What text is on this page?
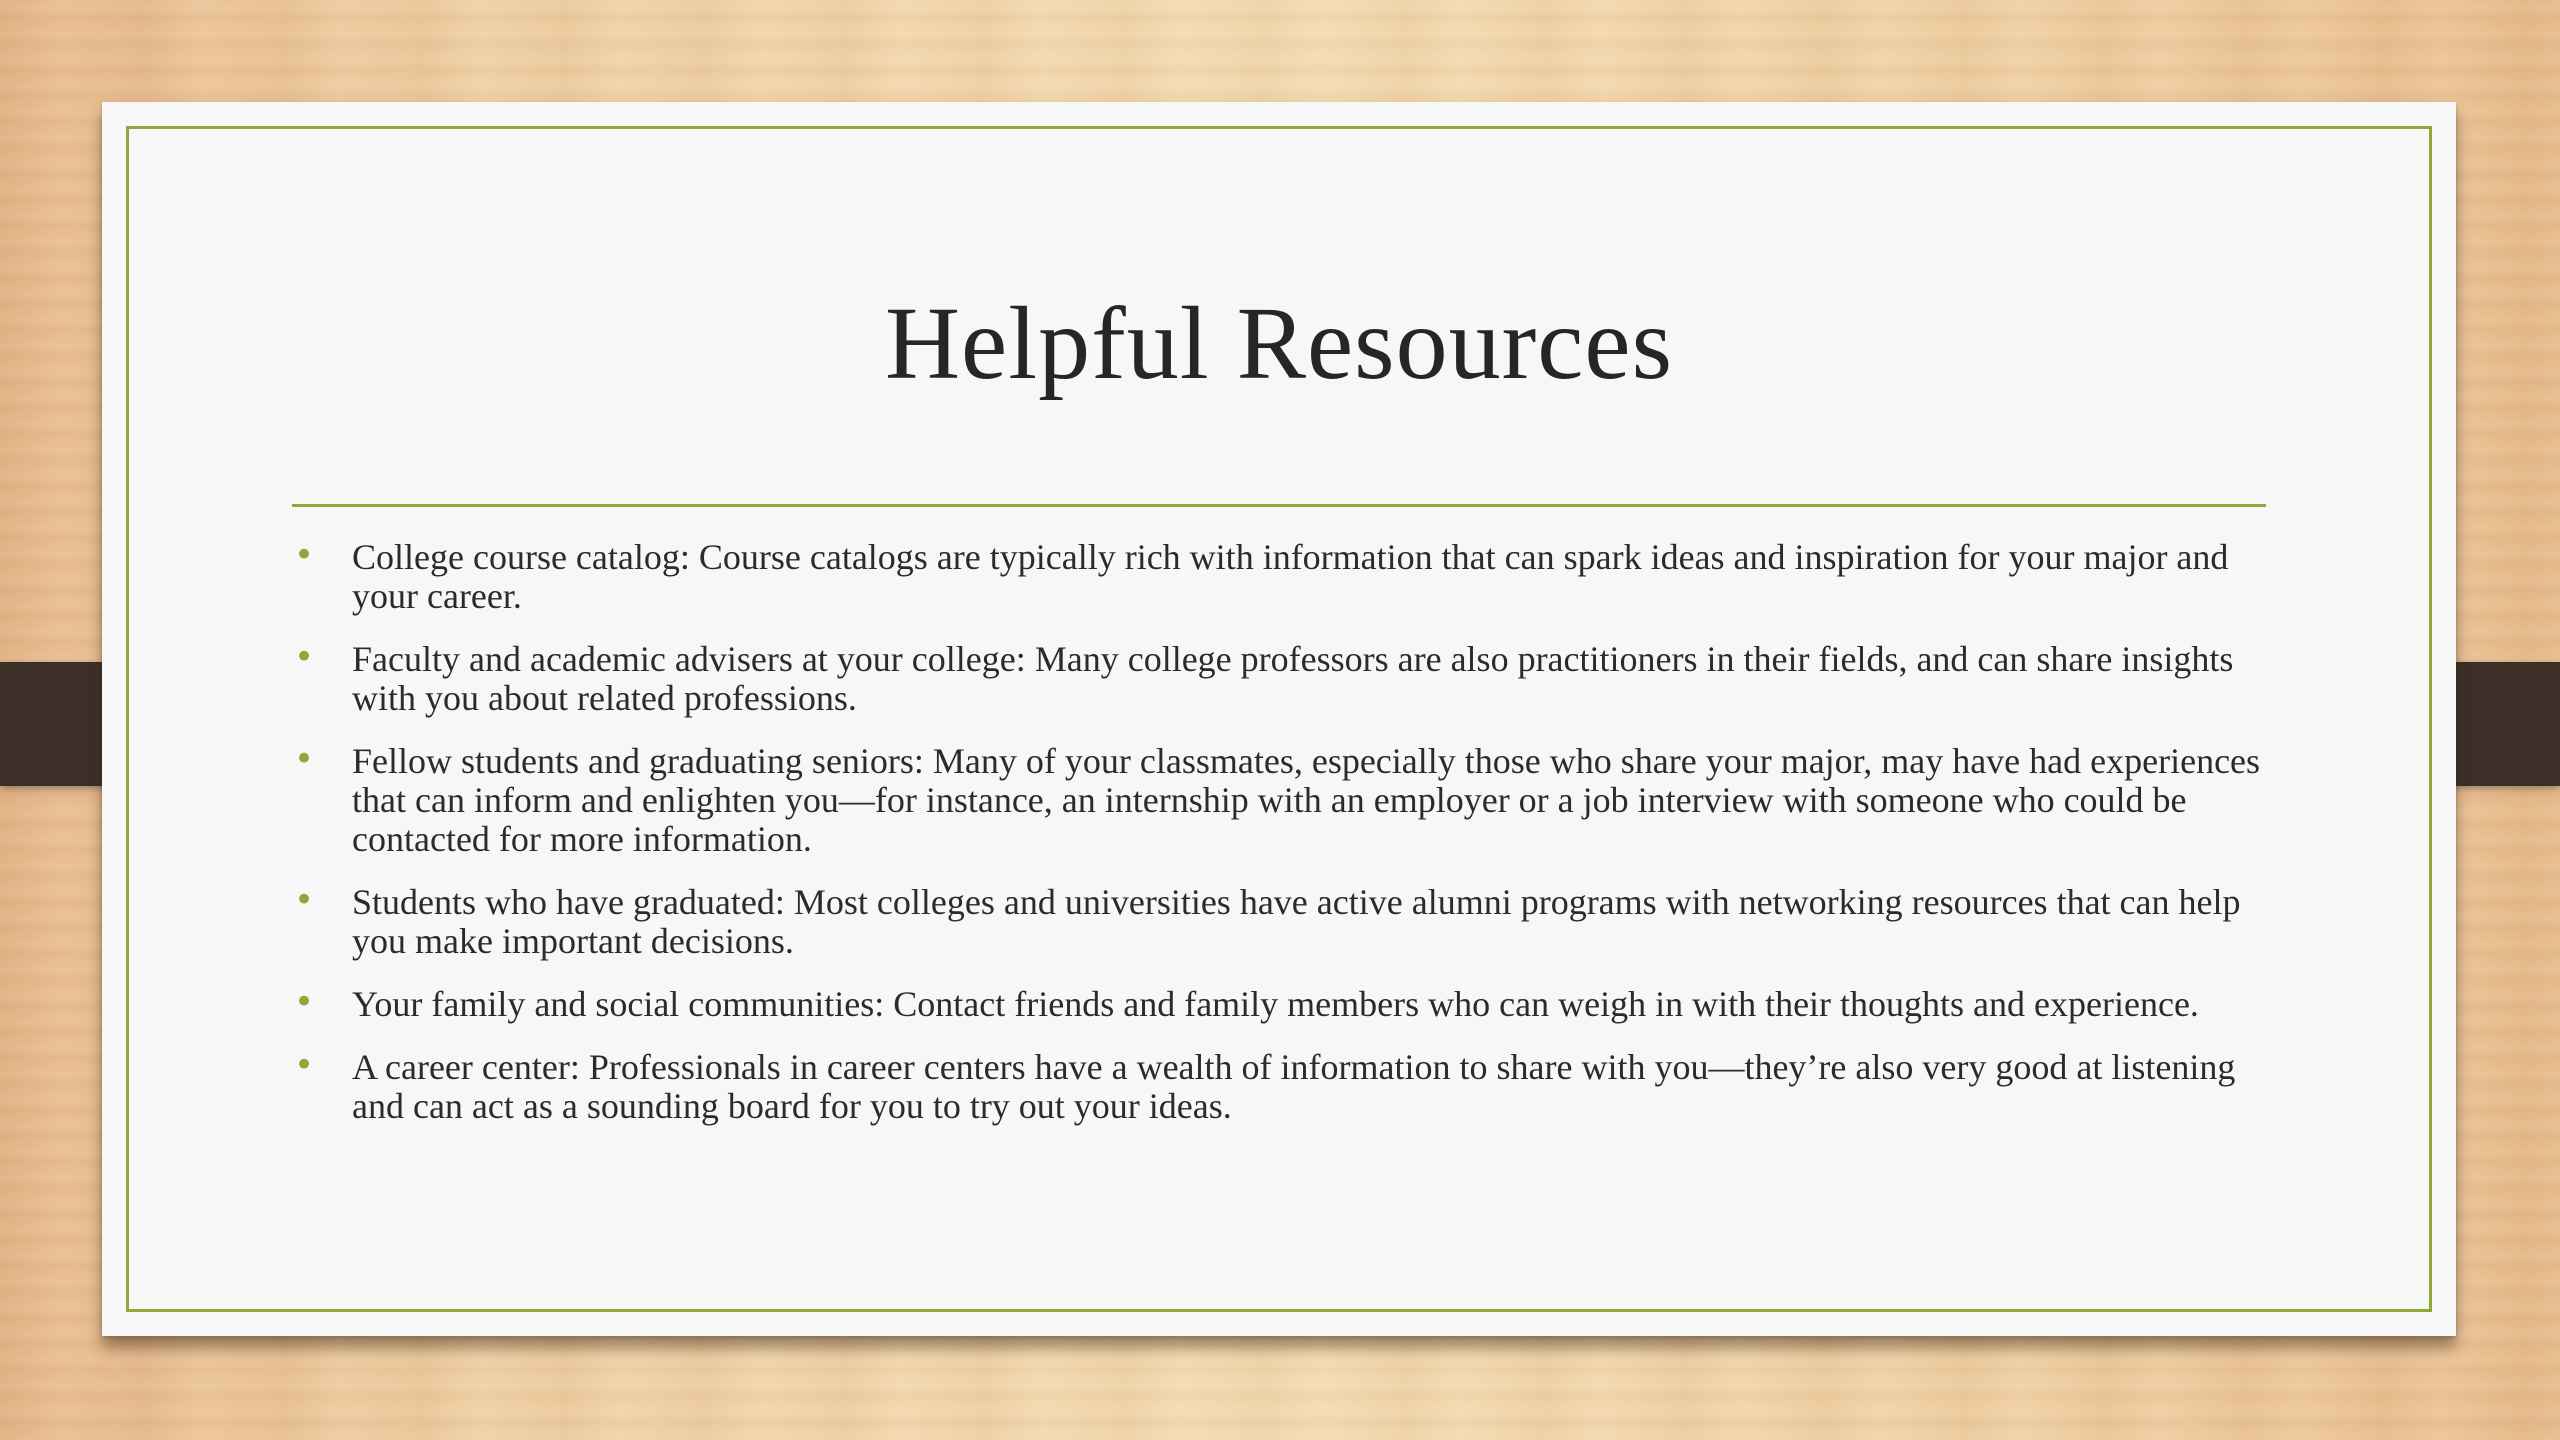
Helpful Resources
• College course catalog: Course catalogs are typically rich with information that can spark ideas and inspiration for your major and your career.
• Faculty and academic advisers at your college: Many college professors are also practitioners in their fields, and can share insights with you about related professions.
• Fellow students and graduating seniors: Many of your classmates, especially those who share your major, may have had experiences that can inform and enlighten you—for instance, an internship with an employer or a job interview with someone who could be contacted for more information.
• Students who have graduated: Most colleges and universities have active alumni programs with networking resources that can help you make important decisions.
• Your family and social communities: Contact friends and family members who can weigh in with their thoughts and experience.
• A career center: Professionals in career centers have a wealth of information to share with you—they’re also very good at listening and can act as a sounding board for you to try out your ideas.
